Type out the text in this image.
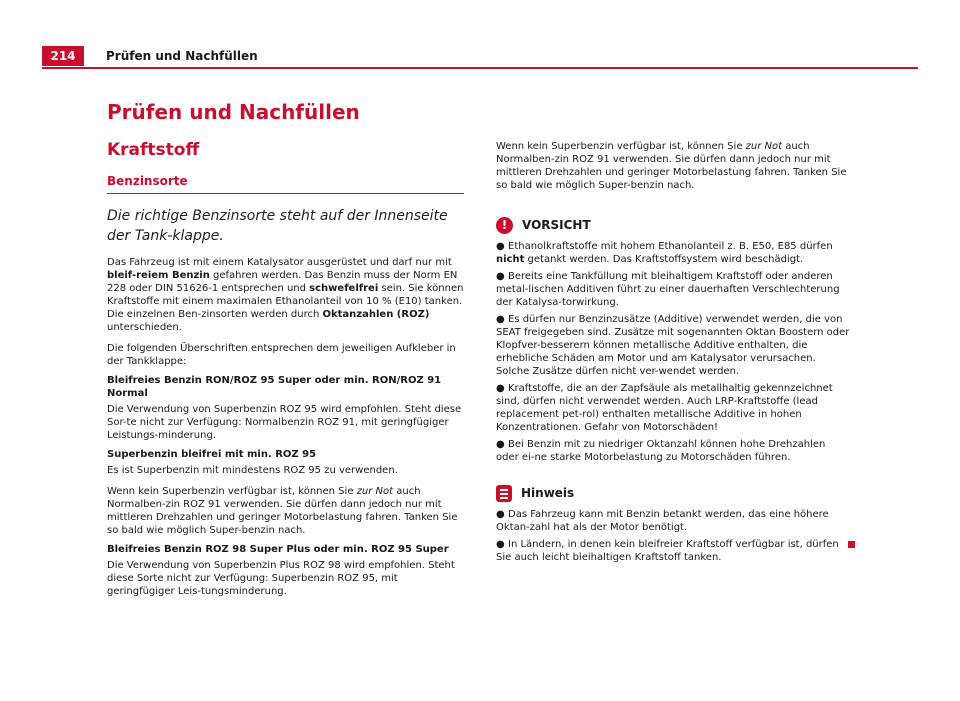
214	Prüfen und Nachfüllen
Prüfen und Nachfüllen
Kraftstoff
Benzinsorte

Die richtige Benzinsorte steht auf der Innenseite der Tank-klappe.

Das Fahrzeug ist mit einem Katalysator ausgerüstet und darf nur mit bleif-reiem Benzin gefahren werden. Das Benzin muss der Norm EN 228 oder DIN 51626-1 entsprechen und schwefelfrei sein. Sie können Kraftstoffe mit einem maximalen Ethanolanteil von 10 % (E10) tanken. Die einzelnen Ben-zinsorten werden durch Oktanzahlen (ROZ) unterschieden.

Die folgenden Überschriften entsprechen dem jeweiligen Aufkleber in der Tankklappe:

Bleifreies Benzin RON/ROZ 95 Super oder min. RON/ROZ 91 Normal

Die Verwendung von Superbenzin ROZ 95 wird empfohlen. Steht diese Sor-te nicht zur Verfügung: Normalbenzin ROZ 91, mit geringfügiger Leistungs-minderung.

Superbenzin bleifrei mit min. ROZ 95

Es ist Superbenzin mit mindestens ROZ 95 zu verwenden.

Wenn kein Superbenzin verfügbar ist, können Sie zur Not auch Normalben-zin ROZ 91 verwenden. Sie dürfen dann jedoch nur mit mittleren Drehzahlen und geringer Motorbelastung fahren. Tanken Sie so bald wie möglich Super-benzin nach.

Bleifreies Benzin ROZ 98 Super Plus oder min. ROZ 95 Super

Die Verwendung von Superbenzin Plus ROZ 98 wird empfohlen. Steht diese Sorte nicht zur Verfügung: Superbenzin ROZ 95, mit geringfügiger Leis-tungsminderung.

Wenn kein Superbenzin verfügbar ist, können Sie zur Not auch Normalben-zin ROZ 91 verwenden. Sie dürfen dann jedoch nur mit mittleren Drehzahlen und geringer Motorbelastung fahren. Tanken Sie so bald wie möglich Super-benzin nach.

!	VORSICHT

● Ethanolkraftstoffe mit hohem Ethanolanteil z. B. E50, E85 dürfen nicht getankt werden. Das Kraftstoffsystem wird beschädigt.

● Bereits eine Tankfüllung mit bleihaltigem Kraftstoff oder anderen metal-lischen Additiven führt zu einer dauerhaften Verschlechterung der Katalysa-torwirkung.

● Es dürfen nur Benzinzusätze (Additive) verwendet werden, die von SEAT freigegeben sind. Zusätze mit sogenannten Oktan Boostern oder Klopfver-besserern können metallische Additive enthalten, die erhebliche Schäden am Motor und am Katalysator verursachen. Solche Zusätze dürfen nicht ver-wendet werden.

● Kraftstoffe, die an der Zapfsäule als metallhaltig gekennzeichnet sind, dürfen nicht verwendet werden. Auch LRP-Kraftstoffe (lead replacement pet-rol) enthalten metallische Additive in hohen Konzentrationen. Gefahr von Motorschäden!

● Bei Benzin mit zu niedriger Oktanzahl können hohe Drehzahlen oder ei-ne starke Motorbelastung zu Motorschäden führen.

Hinweis

● Das Fahrzeug kann mit Benzin betankt werden, das eine höhere Oktan-zahl hat als der Motor benötigt.

● In Ländern, in denen kein bleifreier Kraftstoff verfügbar ist, dürfen Sie auch leicht bleihaltigen Kraftstoff tanken.
